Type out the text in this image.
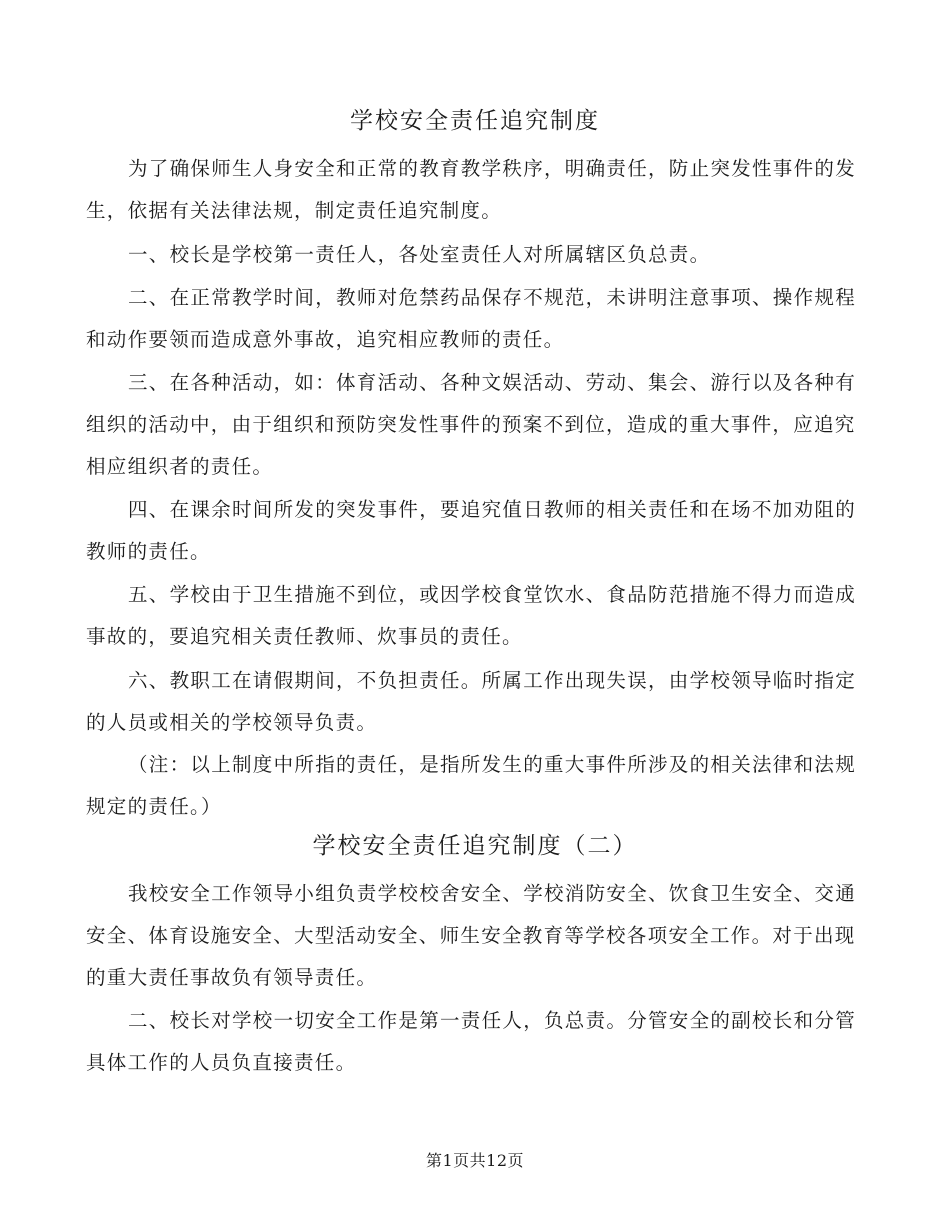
学校安全责任追究制度

为了确保师生人身安全和正常的教育教学秩序，明确责任，防止突发性事件的发生，依据有关法律法规，制定责任追究制度。

一、校长是学校第一责任人，各处室责任人对所属辖区负总责。

二、在正常教学时间，教师对危禁药品保存不规范，未讲明注意事项、操作规程和动作要领而造成意外事故，追究相应教师的责任。

三、在各种活动，如：体育活动、各种文娱活动、劳动、集会、游行以及各种有组织的活动中，由于组织和预防突发性事件的预案不到位，造成的重大事件，应追究相应组织者的责任。

四、在课余时间所发的突发事件，要追究值日教师的相关责任和在场不加劝阻的教师的责任。

五、学校由于卫生措施不到位，或因学校食堂饮水、食品防范措施不得力而造成事故的，要追究相关责任教师、炊事员的责任。

六、教职工在请假期间，不负担责任。所属工作出现失误，由学校领导临时指定的人员或相关的学校领导负责。

（注：以上制度中所指的责任，是指所发生的重大事件所涉及的相关法律和法规规定的责任。）

学校安全责任追究制度（二）

我校安全工作领导小组负责学校校舍安全、学校消防安全、饮食卫生安全、交通安全、体育设施安全、大型活动安全、师生安全教育等学校各项安全工作。对于出现的重大责任事故负有领导责任。

二、校长对学校一切安全工作是第一责任人，负总责。分管安全的副校长和分管具体工作的人员负直接责任。

第1页共12页
